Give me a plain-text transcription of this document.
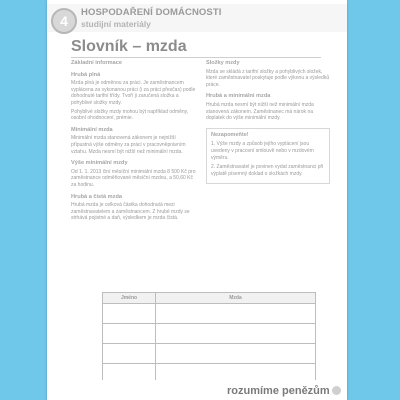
4
HOSPODAŘENÍ DOMÁCNOSTI
studijní materiály
Slovník – mzda
Základní informace
Hrubá plná
Mzda plná je odměnou za práci. Je zaměstnancem vyplácena za vykonanou práci (i za práci přesčas) podle dohodnuté tarifní třídy. Tvoří ji zaručená složka a pohyblivé složky mzdy.
Pohyblivé složky mzdy mohou být například odměny, osobní ohodnocení, prémie.
Minimální mzda
Minimální mzda stanovená zákonem je nejnižší přípustná výše odměny za práci v pracovněprávním vztahu. Mzda nesmí být nižší než minimální mzda.
Výše minimální mzdy
Od 1. 1. 2013 činí měsíční minimální mzda 8 500 Kč pro zaměstnance odměňované měsíční mzdou, a 50,60 Kč za hodinu.
Hrubá a čistá mzda
Hrubá mzda je celková částka dohodnutá mezi zaměstnavatelem a zaměstnancem. Z hrubé mzdy se strhává pojistné a daň, výsledkem je mzda čistá.
Složky mzdy
Mzda se skládá z tarifní složky a pohyblivých složek, které zaměstnavatel poskytuje podle výkonu a výsledků práce.
Hrubá a minimální mzda
Hrubá mzda nesmí být nižší než minimální mzda stanovená zákonem. Zaměstnanec má nárok na doplatek do výše minimální mzdy.
Nezapomeňte!
1. Výše mzdy a způsob jejího vyplácení jsou uvedeny v pracovní smlouvě nebo v mzdovém výměru.
2. Zaměstnavatel je povinen vydat zaměstnanci při výplatě písemný doklad o složkách mzdy.
Jméno	Mzda

rozumíme penězům
